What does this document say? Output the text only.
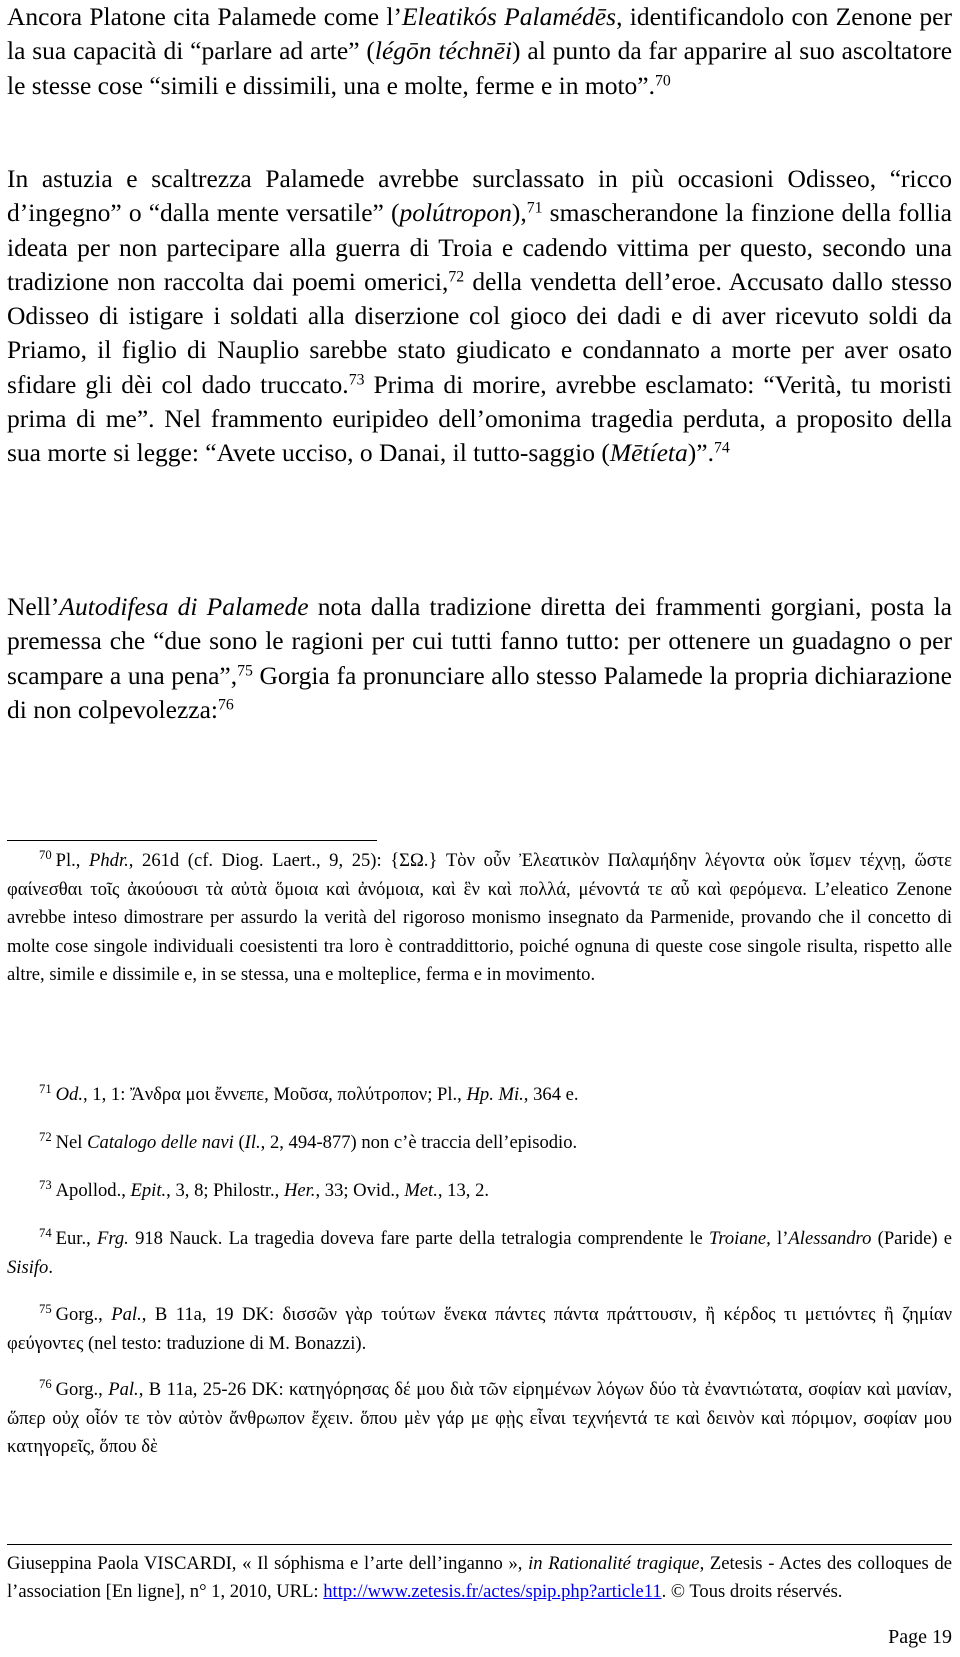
Ancora Platone cita Palamede come l’Eleatikós Palamédēs, identificandolo con Zenone per la sua capacità di “parlare ad arte” (légōn téchnēi) al punto da far apparire al suo ascoltatore le stesse cose “simili e dissimili, una e molte, ferme e in moto”.$^{70}$

In astuzia e scaltrezza Palamede avrebbe surclassato in più occasioni Odisseo, “ricco d’ingegno” o “dalla mente versatile” (polútropon),$^{71}$ smascherandone la finzione della follia ideata per non partecipare alla guerra di Troia e cadendo vittima per questo, secondo una tradizione non raccolta dai poemi omerici,$^{72}$ della vendetta dell’eroe. Accusato dallo stesso Odisseo di istigare i soldati alla diserzione col gioco dei dadi e di aver ricevuto soldi da Priamo, il figlio di Nauplio sarebbe stato giudicato e condannato a morte per aver osato sfidare gli dèi col dado truccato.$^{73}$ Prima di morire, avrebbe esclamato: “Verità, tu moristi prima di me”. Nel frammento euripideo dell’omonima tragedia perduta, a proposito della sua morte si legge: “Avete ucciso, o Danai, il tutto-saggio (Mētíeta)”.$^{74}$

Nell’Autodifesa di Palamede nota dalla tradizione diretta dei frammenti gorgiani, posta la premessa che “due sono le ragioni per cui tutti fanno tutto: per ottenere un guadagno o per scampare a una pena”,$^{75}$ Gorgia fa pronunciare allo stesso Palamede la propria dichiarazione di non colpevolezza:$^{76}$

$^{70}$ Pl., Phdr., 261d (cf. Diog. Laert., 9, 25): {ΣΩ.} Τὸν οὖν Ἐλεατικὸν Παλαμήδην λέγοντα οὐκ ἴσμεν τέχνῃ, ὥστε φαίνεσθαι τοῖς ἀκούουσι τὰ αὐτὰ ὅμοια καὶ ἀνόμοια, καὶ ἓν καὶ πολλά, μένοντά τε αὖ καὶ φερόμενα. L’eleatico Zenone avrebbe inteso dimostrare per assurdo la verità del rigoroso monismo insegnato da Parmenide, provando che il concetto di molte cose singole individuali coesistenti tra loro è contraddittorio, poiché ognuna di queste cose singole risulta, rispetto alle altre, simile e dissimile e, in se stessa, una e molteplice, ferma e in movimento.

$^{71}$ Od., 1, 1: Ἄνδρα μοι ἔννεπε, Μοῦσα, πολύτροπον; Pl., Hp. Mi., 364 e.

$^{72}$ Nel Catalogo delle navi (Il., 2, 494-877) non c’è traccia dell’episodio.

$^{73}$ Apollod., Epit., 3, 8; Philostr., Her., 33; Ovid., Met., 13, 2.

$^{74}$ Eur., Frg. 918 Nauck. La tragedia doveva fare parte della tetralogia comprendente le Troiane, l’Alessandro (Paride) e Sisifo.

$^{75}$ Gorg., Pal., B 11a, 19 DK: δισσῶν γὰρ τούτων ἕνεκα πάντες πάντα πράττουσιν, ἢ κέρδος τι μετιόντες ἢ ζημίαν φεύγοντες (nel testo: traduzione di M. Bonazzi).

$^{76}$ Gorg., Pal., B 11a, 25-26 DK: κατηγόρησας δέ μου διὰ τῶν εἰρημένων λόγων δύο τὰ ἐναντιώτατα, σοφίαν καὶ μανίαν, ὥπερ οὐχ οἷόν τε τὸν αὐτὸν ἄνθρωπον ἔχειν. ὅπου μὲν γάρ με φῂς εἶναι τεχνήεντά τε καὶ δεινὸν καὶ πόριμον, σοφίαν μου κατηγορεῖς, ὅπου δὲ

Giuseppina Paola VISCARDI, « Il sóphisma e l’arte dell’inganno », in Rationalité tragique, Zetesis - Actes des colloques de l’association [En ligne], n° 1, 2010, URL: http://www.zetesis.fr/actes/spip.php?article11. © Tous droits réservés.

Page 19
